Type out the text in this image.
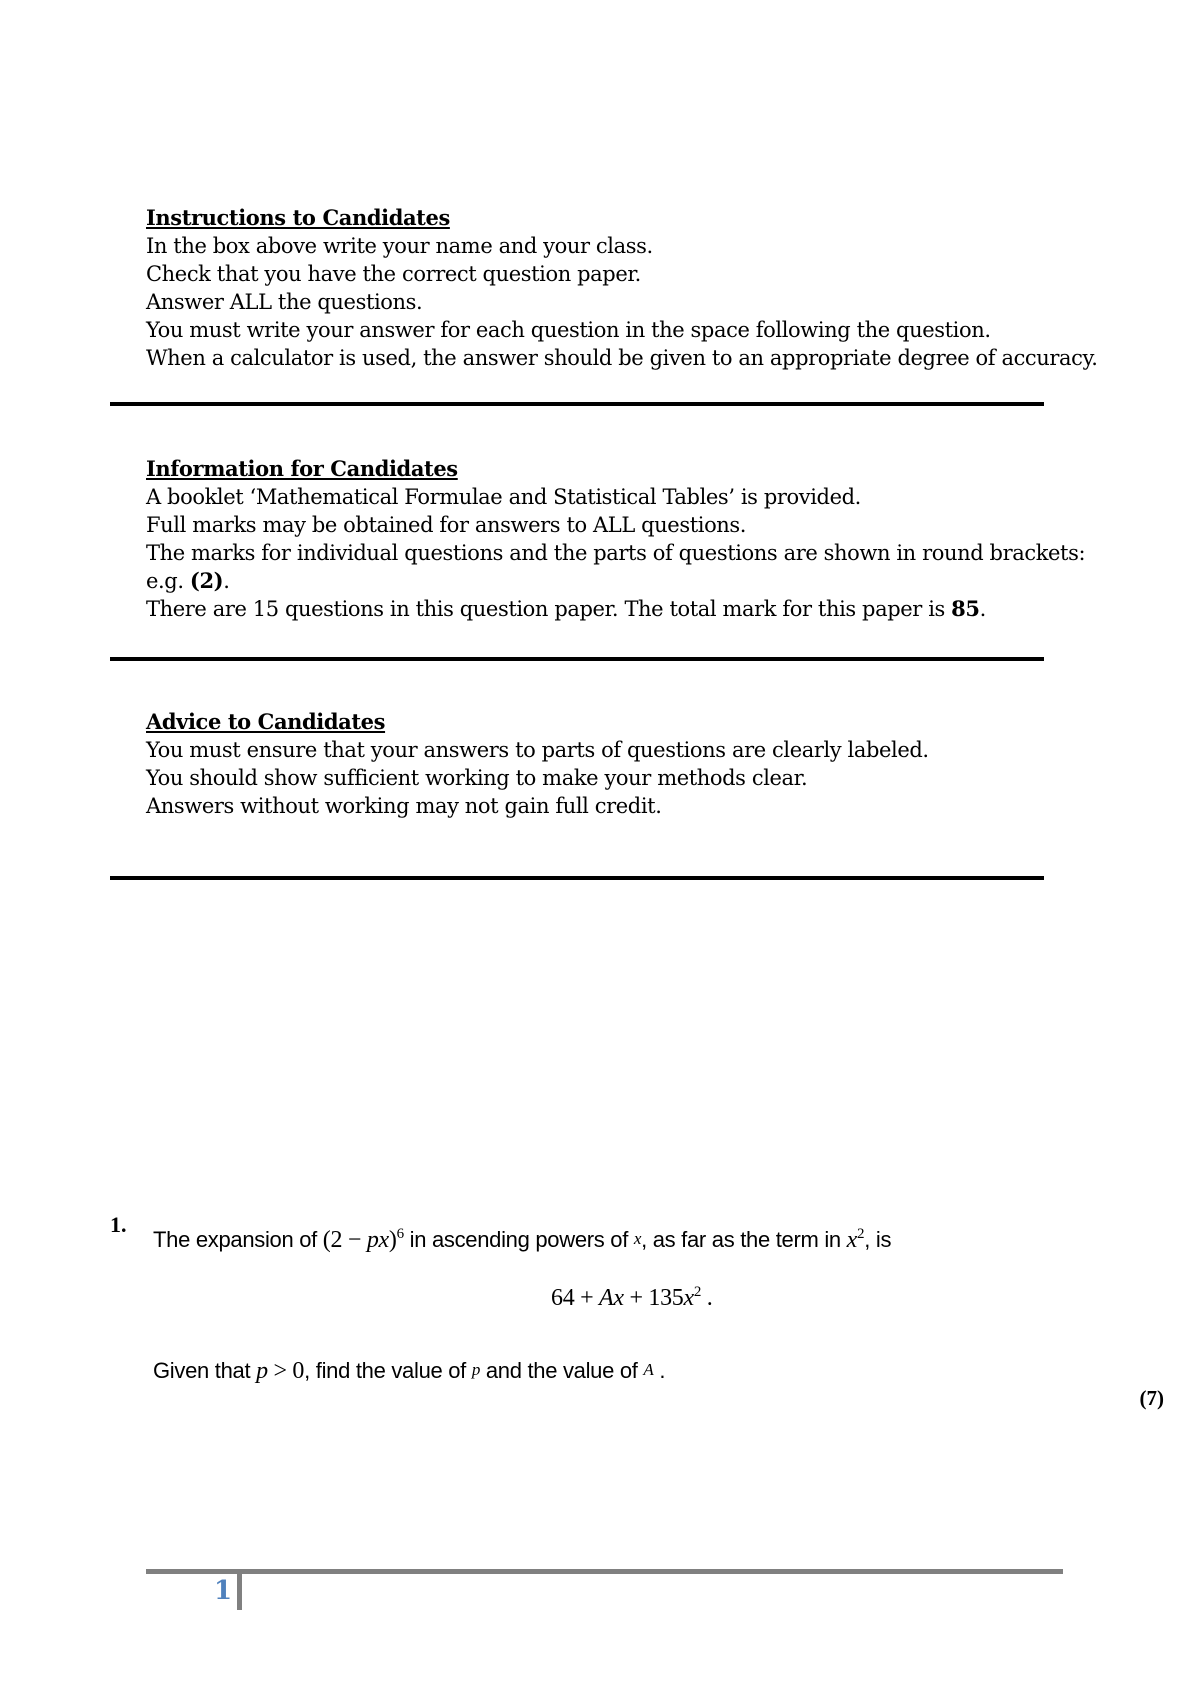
Instructions to Candidates
In the box above write your name and your class.
Check that you have the correct question paper.
Answer ALL the questions.
You must write your answer for each question in the space following the question.
When a calculator is used, the answer should be given to an appropriate degree of accuracy.
Information for Candidates
A booklet ‘Mathematical Formulae and Statistical Tables’ is provided.
Full marks may be obtained for answers to ALL questions.
The marks for individual questions and the parts of questions are shown in round brackets:
e.g. (2).
There are 15 questions in this question paper. The total mark for this paper is 85.
Advice to Candidates
You must ensure that your answers to parts of questions are clearly labeled.
You should show sufficient working to make your methods clear.
Answers without working may not gain full credit.
1.
The expansion of (2 − px)$^6$ in ascending powers of x, as far as the term in $x^2$, is
$64 + Ax + 135x^2$ .
Given that p > 0, find the value of p and the value of A .
(7)
1
